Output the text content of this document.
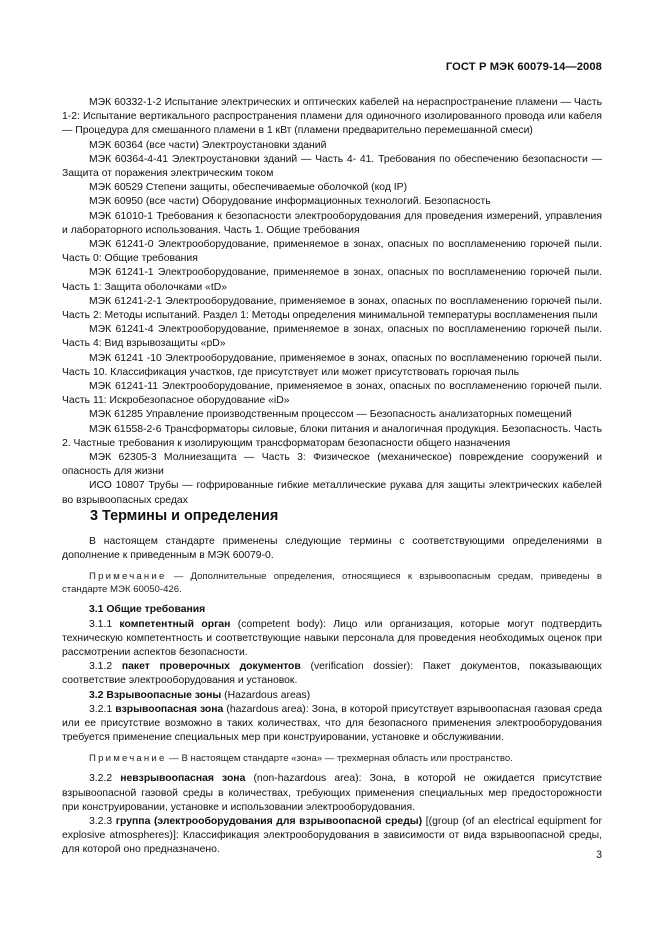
ГОСТ Р МЭК 60079-14—2008

МЭК 60332-1-2 Испытание электрических и оптических кабелей на нераспространение пламени — Часть 1-2: Испытание вертикального распространения пламени для одиночного изолированного провода или кабеля — Процедура для смешанного пламени в 1 кВт (пламени предварительно перемешанной смеси)

МЭК 60364 (все части) Электроустановки зданий

МЭК 60364-4-41 Электроустановки зданий — Часть 4- 41. Требования по обеспечению безопасности — Защита от поражения электрическим током

МЭК 60529 Степени защиты, обеспечиваемые оболочкой (код IP)

МЭК 60950 (все части) Оборудование информационных технологий. Безопасность

МЭК 61010-1 Требования к безопасности электрооборудования для проведения измерений, управления и лабораторного использования. Часть 1. Общие требования

МЭК 61241-0 Электрооборудование, применяемое в зонах, опасных по воспламенению горючей пыли. Часть 0: Общие требования

МЭК 61241-1 Электрооборудование, применяемое в зонах, опасных по воспламенению горючей пыли. Часть 1: Защита оболочками «tD»

МЭК 61241-2-1 Электрооборудование, применяемое в зонах, опасных по воспламенению горючей пыли. Часть 2: Методы испытаний. Раздел 1: Методы определения минимальной температуры воспламенения пыли

МЭК 61241-4 Электрооборудование, применяемое в зонах, опасных по воспламенению горючей пыли. Часть 4: Вид взрывозащиты «pD»

МЭК 61241 -10 Электрооборудование, применяемое в зонах, опасных по воспламенению горючей пыли. Часть 10. Классификация участков, где присутствует или может присутствовать горючая пыль

МЭК 61241-11 Электрооборудование, применяемое в зонах, опасных по воспламенению горючей пыли. Часть 11: Искробезопасное оборудование «iD»

МЭК 61285 Управление производственным процессом — Безопасность анализаторных помещений

МЭК 61558-2-6 Трансформаторы силовые, блоки питания и аналогичная продукция. Безопасность. Часть 2. Частные требования к изолирующим трансформаторам безопасности общего назначения

МЭК 62305-3 Молниезащита — Часть 3: Физическое (механическое) повреждение сооружений и опасность для жизни

ИСО 10807 Трубы — гофрированные гибкие металлические рукава для защиты электрических кабелей во взрывоопасных средах

3 Термины и определения

В настоящем стандарте применены следующие термины с соответствующими определениями в дополнение к приведенным в МЭК 60079-0.

Примечание — Дополнительные определения, относящиеся к взрывоопасным средам, приведены в стандарте МЭК 60050-426.

3.1 Общие требования

3.1.1 компетентный орган (competent body): Лицо или организация, которые могут подтвердить техническую компетентность и соответствующие навыки персонала для проведения необходимых оценок при рассмотрении аспектов безопасности.

3.1.2 пакет проверочных документов (verification dossier): Пакет документов, показывающих соответствие электрооборудования и установок.

3.2 Взрывоопасные зоны (Hazardous areas)

3.2.1 взрывоопасная зона (hazardous area): Зона, в которой присутствует взрывоопасная газовая среда или ее присутствие возможно в таких количествах, что для безопасного применения электрооборудования требуется применение специальных мер при конструировании, установке и обслуживании.

Примечание — В настоящем стандарте «зона» — трехмерная область или пространство.

3.2.2 невзрывоопасная зона (non-hazardous area): Зона, в которой не ожидается присутствие взрывоопасной газовой среды в количествах, требующих применения специальных мер предосторожности при конструировании, установке и использовании электрооборудования.

3.2.3 группа (электрооборудования для взрывоопасной среды) [(group (of an electrical equipment for explosive atmospheres)]: Классификация электрооборудования в зависимости от вида взрывоопасной среды, для которой оно предназначено.	3
